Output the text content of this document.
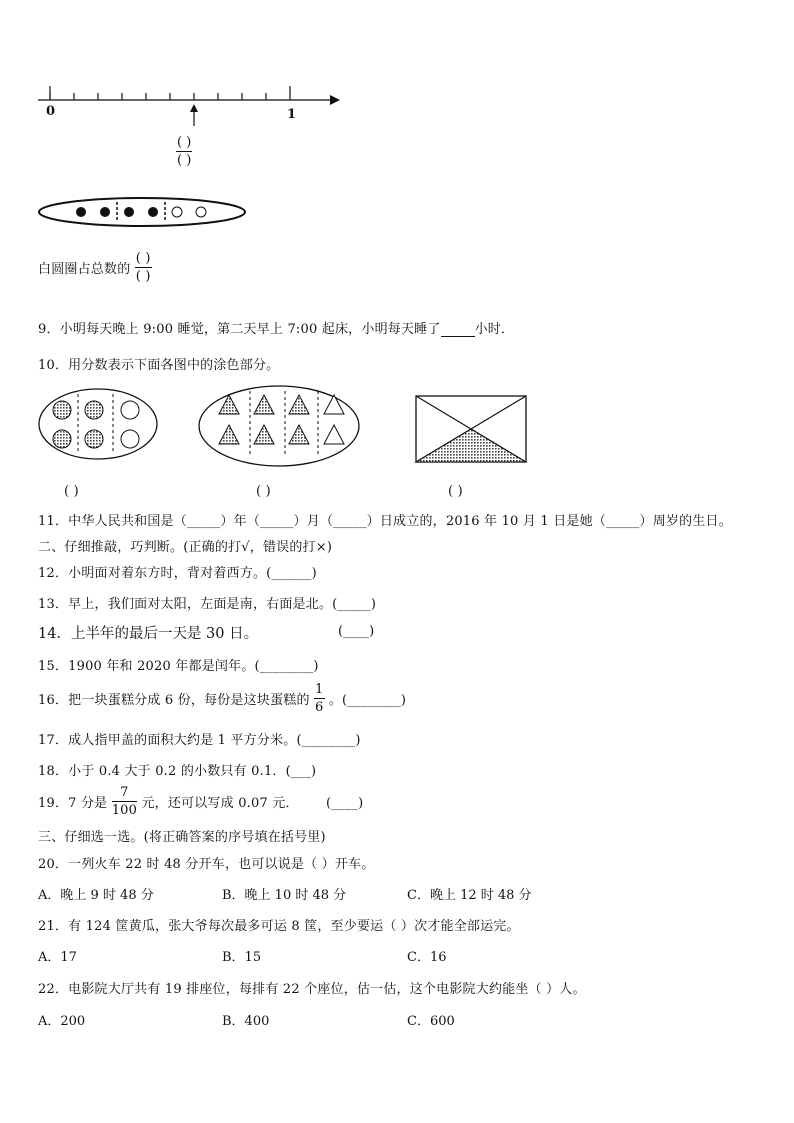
0	1
$\frac{( )}{( )}$
白圆圈占总数的 $\frac{( )}{( )}$
9．小明每天晚上 9:00 睡觉，第二天早上 7:00 起床，小明每天睡了	小时．
10．用分数表示下面各图中的涂色部分。
( )	( )	( )
11．中华人民共和国是（_____）年（_____）月（_____）日成立的，2016 年 10 月 1 日是她（_____）周岁的生日。
二、仔细推敲，巧判断。(正确的打√，错误的打×)
12．小明面对着东方时，背对着西方。(______)
13．早上，我们面对太阳，左面是南，右面是北。(_____)
14．上半年的最后一天是 30 日。	(____)
15．1900 年和 2020 年都是闰年。(________)
16．把一块蛋糕分成 6 份，每份是这块蛋糕的 $\frac{1}{6}$ 。(________)
17．成人指甲盖的面积大约是 1 平方分米。(________)
18．小于 0.4 大于 0.2 的小数只有 0.1．(___)
19．7 分是 $\frac{7}{100}$ 元，还可以写成 0.07 元． (____)
三、仔细选一选。(将正确答案的序号填在括号里)
20．一列火车 22 时 48 分开车，也可以说是（ ）开车。
A．晚上 9 时 48 分	B．晚上 10 时 48 分	C．晚上 12 时 48 分
21．有 124 筐黄瓜，张大爷每次最多可运 8 筐，至少要运（ ）次才能全部运完。
A．17	B．15	C．16
22．电影院大厅共有 19 排座位，每排有 22 个座位，估一估，这个电影院大约能坐（ ）人。
A．200	B．400	C．600
